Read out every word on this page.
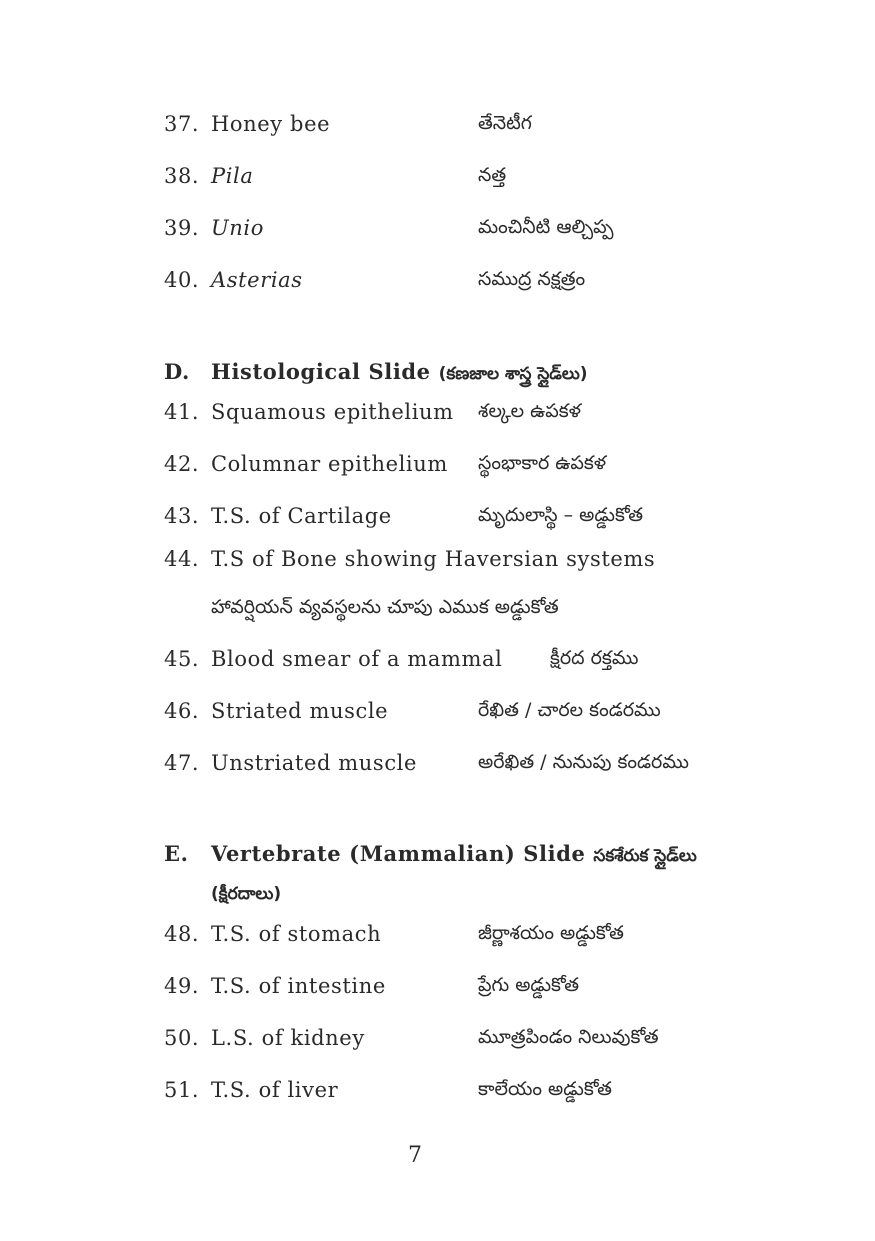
37. Honey bee	తేనెటీగ
38. Pila	నత్త
39. Unio	మంచినీటి ఆల్చిప్ప
40. Asterias	సముద్ర నక్షత్రం
D. Histological Slide (కణజాల శాస్త్ర స్లైడ్‌లు)
41. Squamous epithelium శల్కల ఉపకళ
42. Columnar epithelium స్థంభాకార ఉపకళ
43. T.S. of Cartilage	మృదులాస్థి – అడ్డుకోత
44. T.S of Bone showing Haversian systems
హావర్షియన్ వ్యవస్థలను చూపు ఎముక అడ్డుకోత
45. Blood smear of a mammal	క్షీరద రక్తము
46. Striated muscle	రేఖిత / చారల కండరము
47. Unstriated muscle	అరేఖిత / నునుపు కండరము
E. Vertebrate (Mammalian) Slide సకశేరుక స్లైడ్‌లు
(క్షీరదాలు)
48. T.S. of stomach	జీర్ణాశయం అడ్డుకోత
49. T.S. of intestine	ప్రేగు అడ్డుకోత
50. L.S. of kidney	మూత్రపిండం నిలువుకోత
51. T.S. of liver	కాలేయం అడ్డుకోత
7
